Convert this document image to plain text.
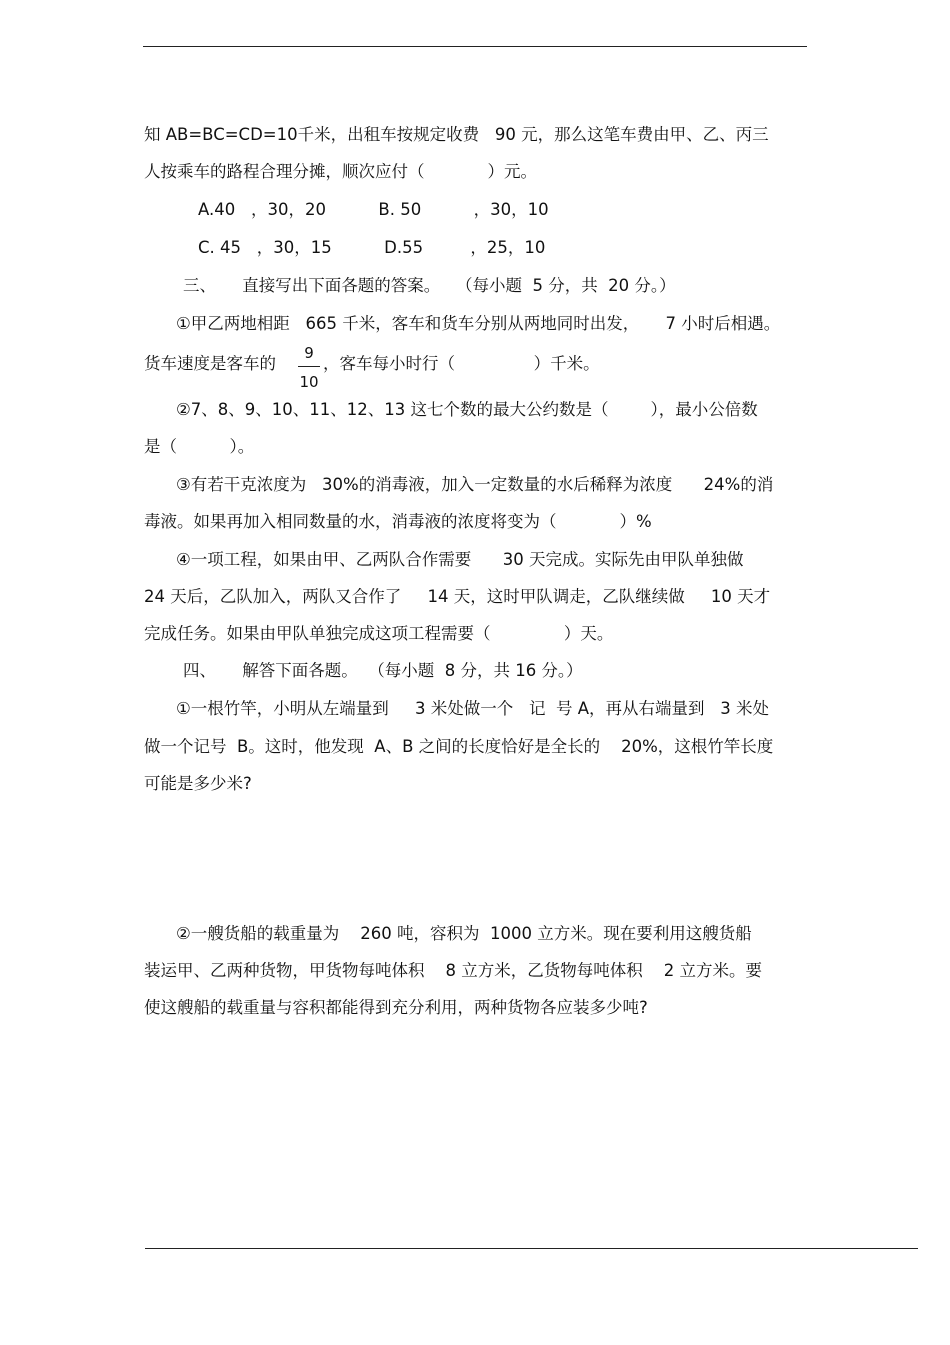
知 AB=BC=CD=10千米，出租车按规定收费   90 元，那么这笔车费由甲、乙、丙三
人按乘车的路程合理分摊，顺次应付（            ）元。
A.40   ，30，20          B. 50          ，30，10
C. 45   ，30，15          D.55         ，25，10
三、     直接写出下面各题的答案。   （每小题  5 分，共  20 分。）
①甲乙两地相距   665 千米，客车和货车分别从两地同时出发，     7 小时后相遇。
货车速度是客车的
9
10
，客车每小时行（               ）千米。
②7、8、9、10、11、12、13 这七个数的最大公约数是（        ），最小公倍数
是（          ）。
③有若干克浓度为   30%的消毒液，加入一定数量的水后稀释为浓度      24%的消
毒液。如果再加入相同数量的水，消毒液的浓度将变为（            ）%
④一项工程，如果由甲、乙两队合作需要      30 天完成。实际先由甲队单独做
24 天后，乙队加入，两队又合作了     14 天，这时甲队调走，乙队继续做     10 天才
完成任务。如果由甲队单独完成这项工程需要（              ）天。
四、     解答下面各题。  （每小题  8 分，共 16 分。）
①一根竹竿，小明从左端量到     3 米处做一个   记  号 A，再从右端量到   3 米处
做一个记号  B。这时，他发现  A、B 之间的长度恰好是全长的    20%，这根竹竿长度
可能是多少米?
②一艘货船的载重量为    260 吨，容积为  1000 立方米。现在要利用这艘货船
装运甲、乙两种货物，甲货物每吨体积    8 立方米，乙货物每吨体积    2 立方米。要
使这艘船的载重量与容积都能得到充分利用，两种货物各应装多少吨?
